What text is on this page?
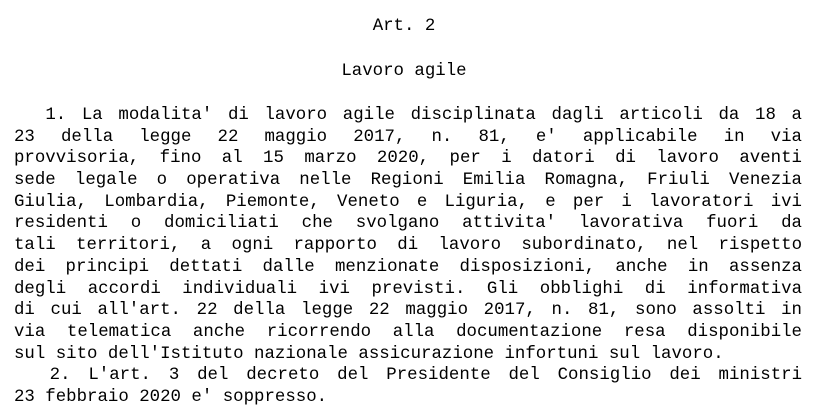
Art. 2
Lavoro agile
1. La modalita' di lavoro agile disciplinata dagli articoli da 18 a
23 della legge 22 maggio 2017, n. 81, e' applicabile in via
provvisoria, fino al 15 marzo 2020, per i datori di lavoro aventi
sede legale o operativa nelle Regioni Emilia Romagna, Friuli Venezia
Giulia, Lombardia, Piemonte, Veneto e Liguria, e per i lavoratori ivi
residenti o domiciliati che svolgano attivita' lavorativa fuori da
tali territori, a ogni rapporto di lavoro subordinato, nel rispetto
dei principi dettati dalle menzionate disposizioni, anche in assenza
degli accordi individuali ivi previsti. Gli obblighi di informativa
di cui all'art. 22 della legge 22 maggio 2017, n. 81, sono assolti in
via telematica anche ricorrendo alla documentazione resa disponibile
sul sito dell'Istituto nazionale assicurazione infortuni sul lavoro.
2. L'art. 3 del decreto del Presidente del Consiglio dei ministri
23 febbraio 2020 e' soppresso.
